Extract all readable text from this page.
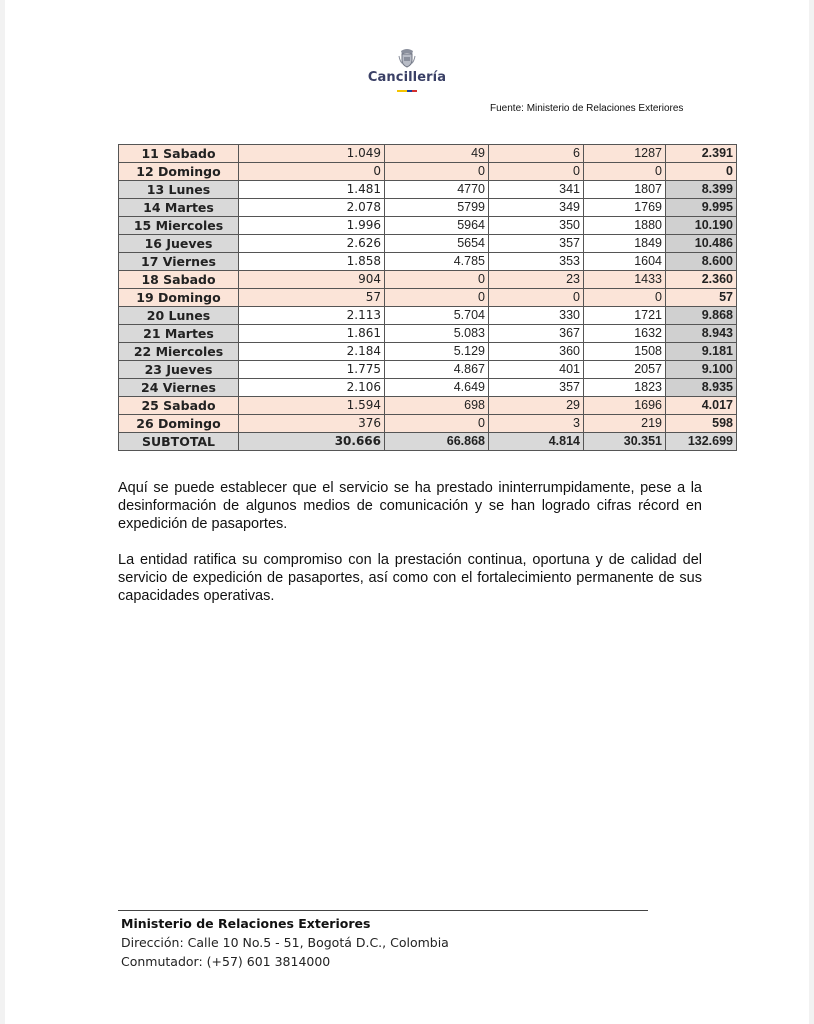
Cancillería
Fuente: Ministerio de Relaciones Exteriores
11 Sabado	1.049	49	6	1287	2.391
12 Domingo	0	0	0	0	0
13 Lunes	1.481	4770	341	1807	8.399
14 Martes	2.078	5799	349	1769	9.995
15 Miercoles	1.996	5964	350	1880	10.190
16 Jueves	2.626	5654	357	1849	10.486
17 Viernes	1.858	4.785	353	1604	8.600
18 Sabado	904	0	23	1433	2.360
19 Domingo	57	0	0	0	57
20 Lunes	2.113	5.704	330	1721	9.868
21 Martes	1.861	5.083	367	1632	8.943
22 Miercoles	2.184	5.129	360	1508	9.181
23 Jueves	1.775	4.867	401	2057	9.100
24 Viernes	2.106	4.649	357	1823	8.935
25 Sabado	1.594	698	29	1696	4.017
26 Domingo	376	0	3	219	598
SUBTOTAL	30.666	66.868	4.814	30.351	132.699

Aquí se puede establecer que el servicio se ha prestado ininterrumpidamente, pese a la desinformación de algunos medios de comunicación y se han logrado cifras récord en expedición de pasaportes.

La entidad ratifica su compromiso con la prestación continua, oportuna y de calidad del servicio de expedición de pasaportes, así como con el fortalecimiento permanente de sus capacidades operativas.

Ministerio de Relaciones Exteriores
Dirección: Calle 10 No.5 - 51, Bogotá D.C., Colombia
Conmutador: (+57) 601 3814000
